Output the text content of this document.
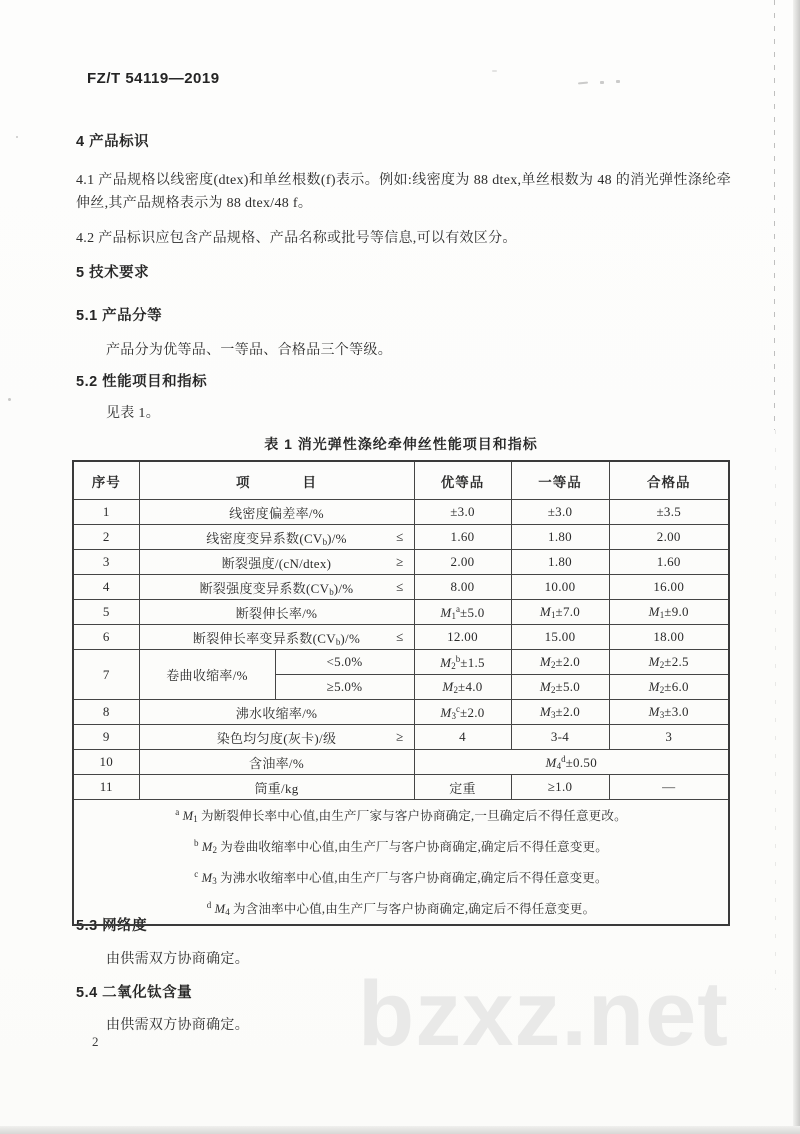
bzxz.net
FZ/T 54119—2019
4 产品标识
4.1 产品规格以线密度(dtex)和单丝根数(f)表示。例如:线密度为 88 dtex,单丝根数为 48 的消光弹性涤纶牵伸丝,其产品规格表示为 88 dtex/48 f。
4.2 产品标识应包含产品规格、产品名称或批号等信息,可以有效区分。
5 技术要求
5.1 产品分等
产品分为优等品、一等品、合格品三个等级。
5.2 性能项目和指标
见表 1。
表 1 消光弹性涤纶牵伸丝性能项目和指标
序号	项 目		优等品	一等品	合格品
1	线密度偏差率/%		±3.0	±3.0	±3.5
2	线密度变异系数$(CV_b)/\%$ ≤		1.60	1.80	2.00
3	断裂强度/(cN/dtex) ≥		2.00	1.80	1.60
4	断裂强度变异系数$(CV_b)/\%$ ≤		8.00	10.00	16.00
5	断裂伸长率/%		$M_1^a\pm 5.0$	$M_1\pm 7.0$	$M_1\pm 9.0$
6	断裂伸长率变异系数$(CV_b)/\%$ ≤		12.00	15.00	18.00
7	卷曲收缩率/%	<5.0%	$M_2^b\pm 1.5$	$M_2\pm 2.0$	$M_2\pm 2.5$
		≥5.0%	$M_2\pm 4.0$	$M_2\pm 5.0$	$M_2\pm 6.0$
8	沸水收缩率/%		$M_3^c\pm 2.0$	$M_3\pm 2.0$	$M_3\pm 3.0$
9	染色均匀度(灰卡)/级 ≥		4	3-4	3
10	含油率/%		$M_4^d\pm 0.50$		
11	筒重/kg		定重	≥1.0	—

$^a$ $M_1$ 为断裂伸长率中心值,由生产厂家与客户协商确定,一旦确定后不得任意更改。
$^b$ $M_2$ 为卷曲收缩率中心值,由生产厂与客户协商确定,确定后不得任意变更。
$^c$ $M_3$ 为沸水收缩率中心值,由生产厂与客户协商确定,确定后不得任意变更。
$^d$ $M_4$ 为含油率中心值,由生产厂与客户协商确定,确定后不得任意变更。					
5.3 网络度
由供需双方协商确定。
5.4 二氧化钛含量
由供需双方协商确定。
2
